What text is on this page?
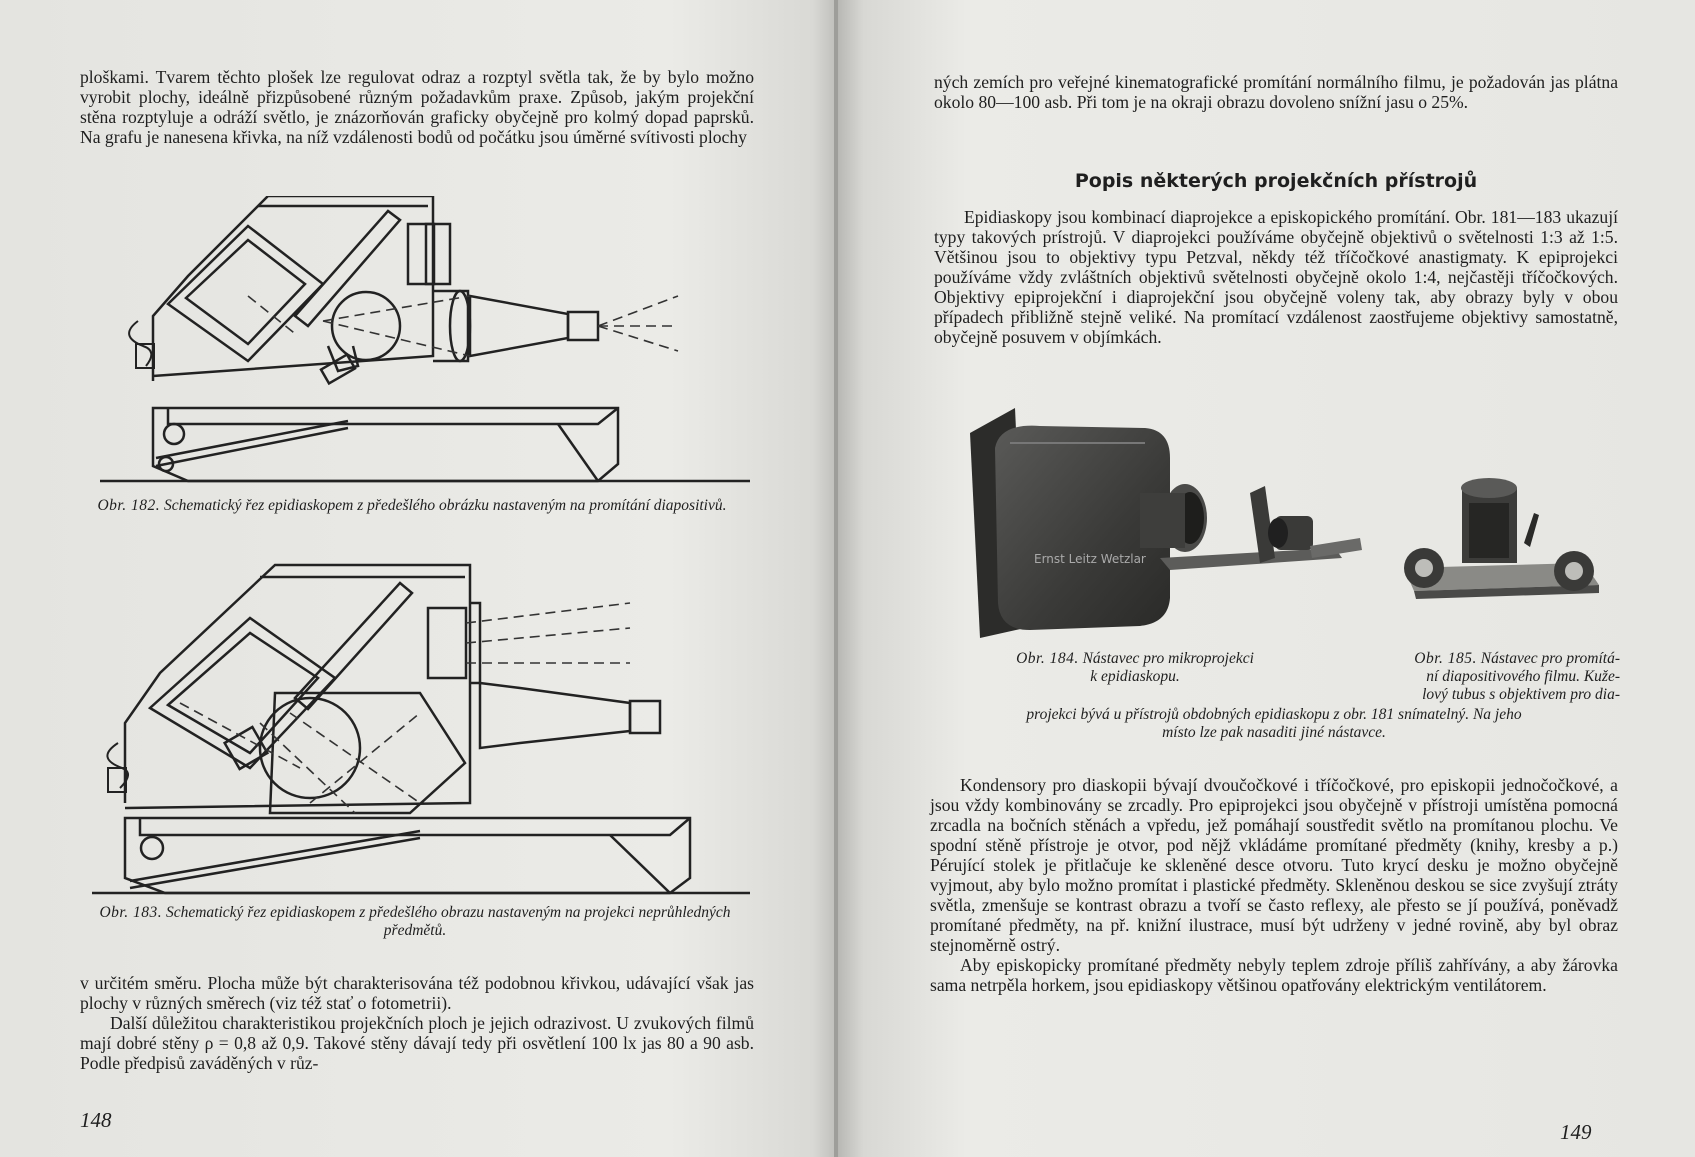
ploškami. Tvarem těchto plošek lze regulovat odraz a rozptyl světla tak, že by bylo možno vyrobit plochy, ideálně přizpůsobené různým požadavkům praxe. Způsob, jakým projekční stěna rozptyluje a odráží světlo, je znázorňován graficky obyčejně pro kolmý dopad paprsků. Na grafu je nanesena křivka, na níž vzdálenosti bodů od počátku jsou úměrné svítivosti plochy

Obr. 182. Schematický řez epidiaskopem z předešlého obrázku nastaveným na promítání diapositivů.
Obr. 183. Schematický řez epidiaskopem z předešlého obrazu nastaveným na projekci neprůhledných předmětů.

v určitém směru. Plocha může být charakterisována též podobnou křivkou, udávající však jas plochy v různých směrech (viz též stať o fotometrii).

Další důležitou charakteristikou projekčních ploch je jejich odrazivost. U zvukových filmů mají dobré stěny ρ = 0,8 až 0,9. Takové stěny dávají tedy při osvětlení 100 lx jas 80 a 90 asb. Podle předpisů zaváděných v růz-

148

ných zemích pro veřejné kinematografické promítání normálního filmu, je požadován jas plátna okolo 80—100 asb. Při tom je na okraji obrazu dovoleno snížní jasu o 25%.

Popis některých projekčních přístrojů

Epidiaskopy jsou kombinací diaprojekce a episkopického promítání. Obr. 181—183 ukazují typy takových prístrojů. V diaprojekci používáme obyčejně objektivů o světelnosti 1:3 až 1:5. Většinou jsou to objektivy typu Petzval, někdy též tříčočkové anastigmaty. K epiprojekci používáme vždy zvláštních objektivů světelnosti obyčejně okolo 1:4, nejčastěji tříčočkových. Objektivy epiprojekční i diaprojekční jsou obyčejně voleny tak, aby obrazy byly v obou případech přibližně stejně veliké. Na promítací vzdálenost zaostřujeme objektivy samostatně, obyčejně posuvem v objímkách.

Ernst Leitz Wetzlar
Obr. 184. Nástavec pro mikroprojekci
k epidiaskopu.
Obr. 185. Nástavec pro promítá-
ní diapositivového filmu. Kuže-
lový tubus s objektivem pro dia-
projekci bývá u přístrojů obdobných epidiaskopu z obr. 181 snímatelný. Na jeho
místo lze pak nasaditi jiné nástavce.

Kondensory pro diaskopii bývají dvoučočkové i tříčočkové, pro episkopii jednočočkové, a jsou vždy kombinovány se zrcadly. Pro epiprojekci jsou obyčejně v přístroji umístěna pomocná zrcadla na bočních stěnách a vpředu, jež pomáhají soustředit světlo na promítanou plochu. Ve spodní stěně přístroje je otvor, pod nějž vkládáme promítané předměty (knihy, kresby a p.) Pérující stolek je přitlačuje ke skleněné desce otvoru. Tuto krycí desku je možno obyčejně vyjmout, aby bylo možno promítat i plastické předměty. Skleněnou deskou se sice zvyšují ztráty světla, zmenšuje se kontrast obrazu a tvoří se často reflexy, ale přesto se jí používá, poněvadž promítané předměty, na př. knižní ilustrace, musí být udrženy v jedné rovině, aby byl obraz stejnoměrně ostrý.

Aby episkopicky promítané předměty nebyly teplem zdroje příliš zahřívány, a aby žárovka sama netrpěla horkem, jsou epidiaskopy většinou opatřovány elektrickým ventilátorem.

149
